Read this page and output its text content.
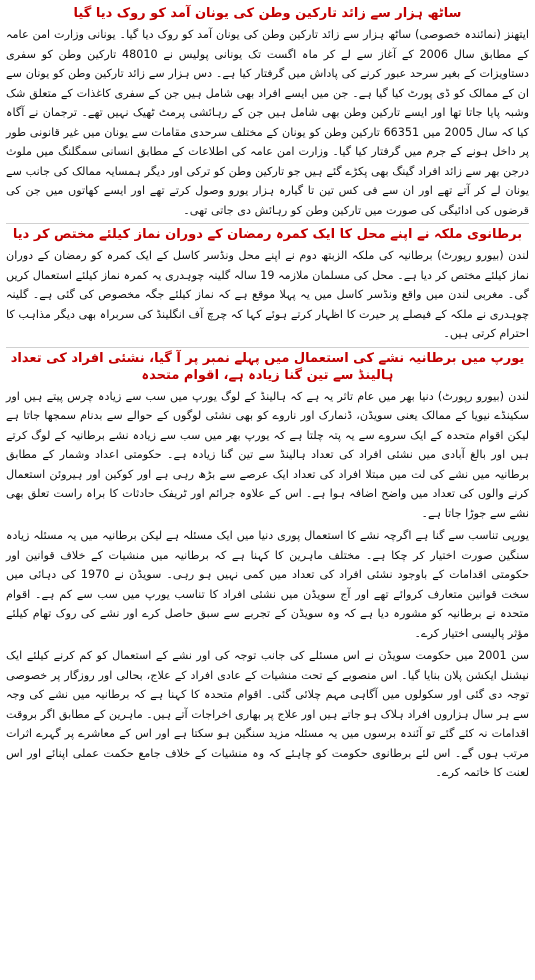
ساٹھ ہزار سے زائد تارکین وطن کی یونان آمد کو روک دیا گیا

ایتھنز (نمائندہ خصوصی) ساٹھ ہزار سے زائد تارکین وطن کی یونان آمد کو روک دیا گیا۔ یونانی وزارت امن عامہ کے مطابق سال 2006 کے آغاز سے لے کر ماہ اگست تک یونانی پولیس نے 48010 تارکین وطن کو سفری دستاویزات کے بغیر سرحد عبور کرنے کی پاداش میں گرفتار کیا ہے۔ دس ہزار سے زائد تارکین وطن کو یونان سے ان کے ممالک کو ڈی پورٹ کیا گیا ہے۔ جن میں ایسے افراد بھی شامل ہیں جن کے سفری کاغذات کے متعلق شک وشبہ پایا جاتا تھا اور ایسے تارکین وطن بھی شامل ہیں جن کے رہائشی پرمٹ ٹھیک نہیں تھے۔ ترجمان نے آگاہ کیا کہ سال 2005 میں 66351 تارکین وطن کو یونان کے مختلف سرحدی مقامات سے یونان میں غیر قانونی طور پر داخل ہونے کے جرم میں گرفتار کیا گیا۔ وزارت امن عامہ کی اطلاعات کے مطابق انسانی سمگلنگ میں ملوث درجن بھر سے زائد افراد گینگ بھی پکڑے گئے ہیں جو تارکین وطن کو ترکی اور دیگر ہمسایہ ممالک کی جانب سے یونان لے کر آتے تھے اور ان سے فی کس تین تا گیارہ ہزار یورو وصول کرتے تھے اور ایسے کھاتوں میں جن کی قرضوں کی ادائیگی کی صورت میں تارکین وطن کو رہائش دی جاتی تھی۔

برطانوی ملکہ نے اپنے محل کا ایک کمرہ رمضان کے دوران نماز کیلئے مختص کر دیا

لندن (بیورو رپورٹ) برطانیہ کی ملکہ الزبتھ دوم نے اپنے محل ونڈسر کاسل کے ایک کمرہ کو رمضان کے دوران نماز کیلئے مختص کر دیا ہے۔ محل کی مسلمان ملازمہ 19 سالہ گلینہ چوہدری یہ کمرہ نماز کیلئے استعمال کریں گی۔ مغربی لندن میں واقع ونڈسر کاسل میں یہ پہلا موقع ہے کہ نماز کیلئے جگہ مخصوص کی گئی ہے۔ گلینہ چوہدری نے ملکہ کے فیصلے پر حیرت کا اظہار کرتے ہوئے کہا کہ چرچ آف انگلینڈ کی سربراہ بھی دیگر مذاہب کا احترام کرتی ہیں۔

یورپ میں برطانیہ نشے کی استعمال میں پہلے نمبر پر آ گیا، نشئی افراد کی تعداد ہالینڈ سے تین گنا زیادہ ہے، اقوام متحدہ

لندن (بیورو رپورٹ) دنیا بھر میں عام تاثر یہ ہے کہ ہالینڈ کے لوگ یورپ میں سب سے زیادہ چرس پیتے ہیں اور سکینڈے نیویا کے ممالک یعنی سویڈن، ڈنمارک اور ناروے کو بھی نشئی لوگوں کے حوالے سے بدنام سمجھا جاتا ہے لیکن اقوام متحدہ کے ایک سروے سے یہ پتہ چلتا ہے کہ یورپ بھر میں سب سے زیادہ نشے برطانیہ کے لوگ کرتے ہیں اور بالغ آبادی میں نشئی افراد کی تعداد ہالینڈ سے تین گنا زیادہ ہے۔ حکومتی اعداد وشمار کے مطابق برطانیہ میں نشے کی لت میں مبتلا افراد کی تعداد ایک عرصے سے بڑھ رہی ہے اور کوکین اور ہیروئن استعمال کرنے والوں کی تعداد میں واضح اضافہ ہوا ہے۔ اس کے علاوہ جرائم اور ٹریفک حادثات کا براہ راست تعلق بھی نشے سے جوڑا جاتا ہے۔

یورپی تناسب سے گنا ہے اگرچہ نشے کا استعمال پوری دنیا میں ایک مسئلہ ہے لیکن برطانیہ میں یہ مسئلہ زیادہ سنگین صورت اختیار کر چکا ہے۔ مختلف ماہرین کا کہنا ہے کہ برطانیہ میں منشیات کے خلاف قوانین اور حکومتی اقدامات کے باوجود نشئی افراد کی تعداد میں کمی نہیں ہو رہی۔ سویڈن نے 1970 کی دہائی میں سخت قوانین متعارف کروائے تھے اور آج سویڈن میں نشئی افراد کا تناسب یورپ میں سب سے کم ہے۔ اقوام متحدہ نے برطانیہ کو مشورہ دیا ہے کہ وہ سویڈن کے تجربے سے سبق حاصل کرے اور نشے کی روک تھام کیلئے مؤثر پالیسی اختیار کرے۔

سن 2001 میں حکومت سویڈن نے اس مسئلے کی جانب توجہ کی اور نشے کے استعمال کو کم کرنے کیلئے ایک نیشنل ایکشن پلان بنایا گیا۔ اس منصوبے کے تحت منشیات کے عادی افراد کے علاج، بحالی اور روزگار پر خصوصی توجہ دی گئی اور سکولوں میں آگاہی مہم چلائی گئی۔ اقوام متحدہ کا کہنا ہے کہ برطانیہ میں نشے کی وجہ سے ہر سال ہزاروں افراد ہلاک ہو جاتے ہیں اور علاج پر بھاری اخراجات آتے ہیں۔ ماہرین کے مطابق اگر بروقت اقدامات نہ کئے گئے تو آئندہ برسوں میں یہ مسئلہ مزید سنگین ہو سکتا ہے اور اس کے معاشرے پر گہرے اثرات مرتب ہوں گے۔ اس لئے برطانوی حکومت کو چاہئے کہ وہ منشیات کے خلاف جامع حکمت عملی اپنائے اور اس لعنت کا خاتمہ کرے۔
